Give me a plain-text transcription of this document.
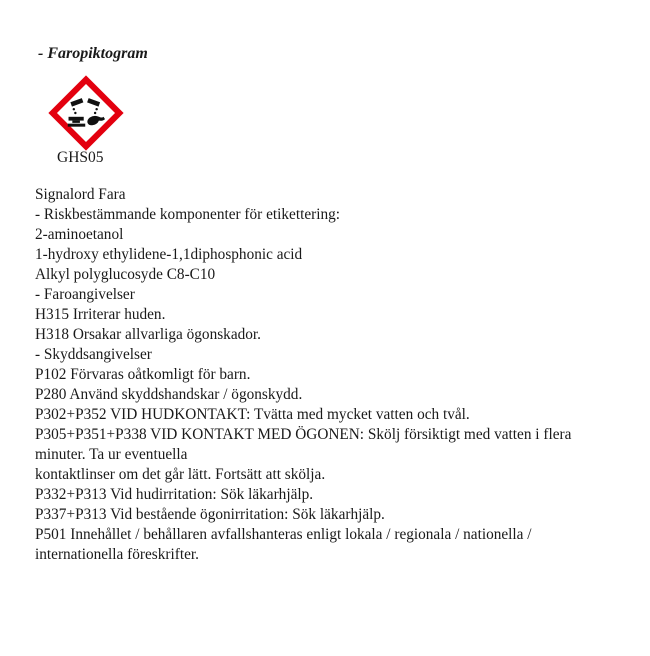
- Faropiktogram

GHS05

Signalord Fara
- Riskbestämmande komponenter för etikettering:
2-aminoetanol
1-hydroxy ethylidene-1,1diphosphonic acid
Alkyl polyglucosyde C8-C10
- Faroangivelser
H315 Irriterar huden.
H318 Orsakar allvarliga ögonskador.
- Skyddsangivelser
P102 Förvaras oåtkomligt för barn.
P280 Använd skyddshandskar / ögonskydd.
P302+P352 VID HUDKONTAKT: Tvätta med mycket vatten och tvål.
P305+P351+P338 VID KONTAKT MED ÖGONEN: Skölj försiktigt med vatten i flera minuter. Ta ur eventuella
kontaktlinser om det går lätt. Fortsätt att skölja.
P332+P313 Vid hudirritation: Sök läkarhjälp.
P337+P313 Vid bestående ögonirritation: Sök läkarhjälp.
P501 Innehållet / behållaren avfallshanteras enligt lokala / regionala / nationella / internationella föreskrifter.
